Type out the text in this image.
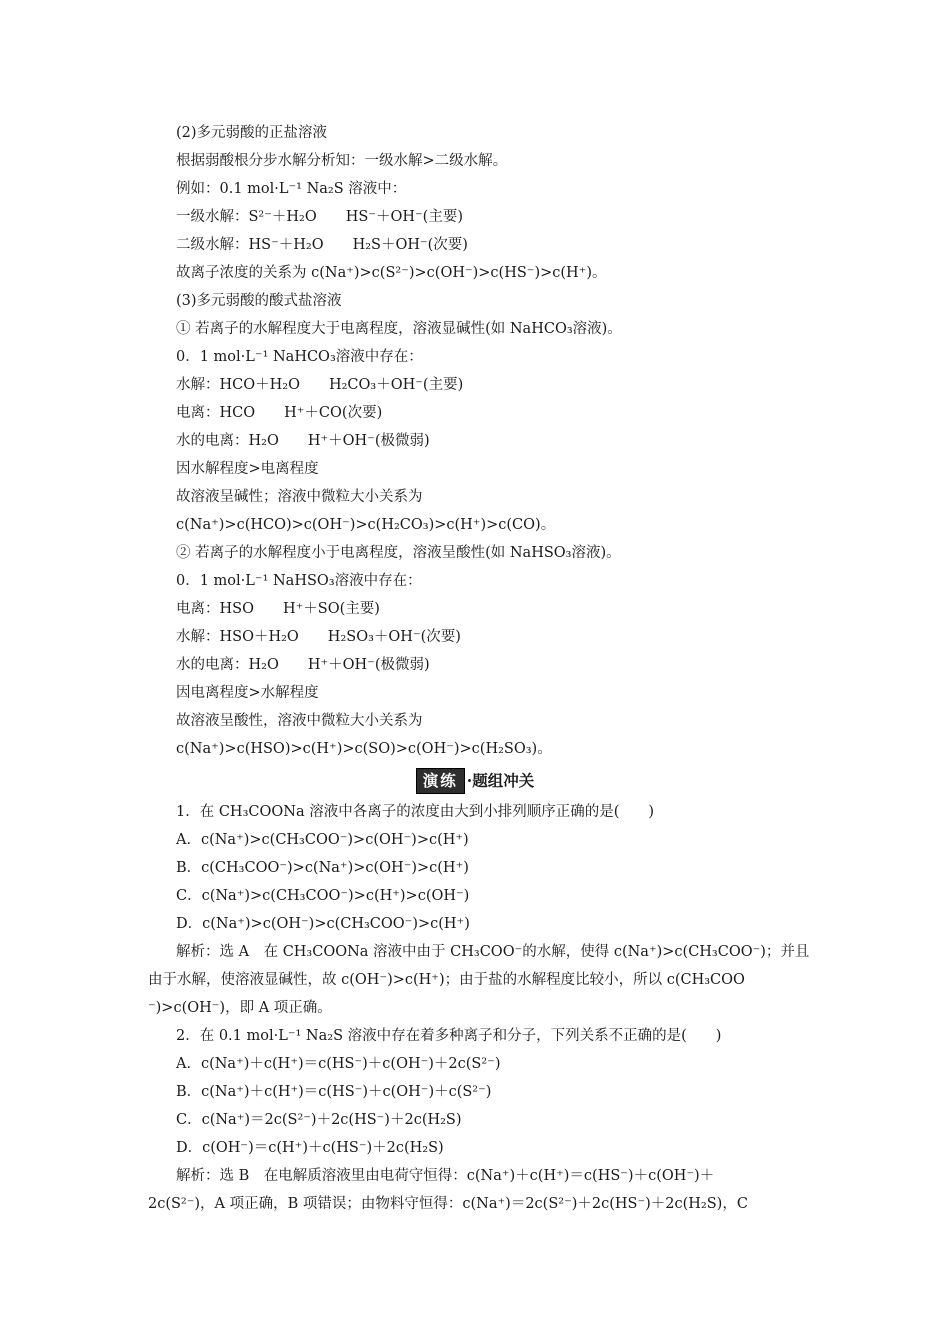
(2)多元弱酸的正盐溶液
根据弱酸根分步水解分析知：一级水解>二级水解。
例如：0.1 mol·L⁻¹ Na₂S 溶液中：
一级水解：S²⁻＋H₂O　　HS⁻＋OH⁻(主要)
二级水解：HS⁻＋H₂O　　H₂S＋OH⁻(次要)
故离子浓度的关系为 c(Na⁺)>c(S²⁻)>c(OH⁻)>c(HS⁻)>c(H⁺)。
(3)多元弱酸的酸式盐溶液
① 若离子的水解程度大于电离程度，溶液显碱性(如 NaHCO₃溶液)。
0．1 mol·L⁻¹ NaHCO₃溶液中存在：
水解：HCO＋H₂O　　H₂CO₃＋OH⁻(主要)
电离：HCO　　H⁺＋CO(次要)
水的电离：H₂O　　H⁺＋OH⁻(极微弱)
因水解程度>电离程度
故溶液呈碱性；溶液中微粒大小关系为
c(Na⁺)>c(HCO)>c(OH⁻)>c(H₂CO₃)>c(H⁺)>c(CO)。
② 若离子的水解程度小于电离程度，溶液呈酸性(如 NaHSO₃溶液)。
0．1 mol·L⁻¹ NaHSO₃溶液中存在：
电离：HSO　　H⁺＋SO(主要)
水解：HSO＋H₂O　　H₂SO₃＋OH⁻(次要)
水的电离：H₂O　　H⁺＋OH⁻(极微弱)
因电离程度>水解程度
故溶液呈酸性，溶液中微粒大小关系为
c(Na⁺)>c(HSO)>c(H⁺)>c(SO)>c(OH⁻)>c(H₂SO₃)。
演练 ·题组冲关
1．在 CH₃COONa 溶液中各离子的浓度由大到小排列顺序正确的是(　　)
A．c(Na⁺)>c(CH₃COO⁻)>c(OH⁻)>c(H⁺)
B．c(CH₃COO⁻)>c(Na⁺)>c(OH⁻)>c(H⁺)
C．c(Na⁺)>c(CH₃COO⁻)>c(H⁺)>c(OH⁻)
D．c(Na⁺)>c(OH⁻)>c(CH₃COO⁻)>c(H⁺)
解析：选 A　在 CH₃COONa 溶液中由于 CH₃COO⁻的水解，使得 c(Na⁺)>c(CH₃COO⁻)；并且
由于水解，使溶液显碱性，故 c(OH⁻)>c(H⁺)；由于盐的水解程度比较小，所以 c(CH₃COO
⁻)>c(OH⁻)，即 A 项正确。
2．在 0.1 mol·L⁻¹ Na₂S 溶液中存在着多种离子和分子，下列关系不正确的是(　　)
A．c(Na⁺)＋c(H⁺)＝c(HS⁻)＋c(OH⁻)＋2c(S²⁻)
B．c(Na⁺)＋c(H⁺)＝c(HS⁻)＋c(OH⁻)＋c(S²⁻)
C．c(Na⁺)＝2c(S²⁻)＋2c(HS⁻)＋2c(H₂S)
D．c(OH⁻)＝c(H⁺)＋c(HS⁻)＋2c(H₂S)
解析：选 B　在电解质溶液里由电荷守恒得：c(Na⁺)＋c(H⁺)＝c(HS⁻)＋c(OH⁻)＋
2c(S²⁻)，A 项正确，B 项错误；由物料守恒得：c(Na⁺)＝2c(S²⁻)＋2c(HS⁻)＋2c(H₂S)，C
